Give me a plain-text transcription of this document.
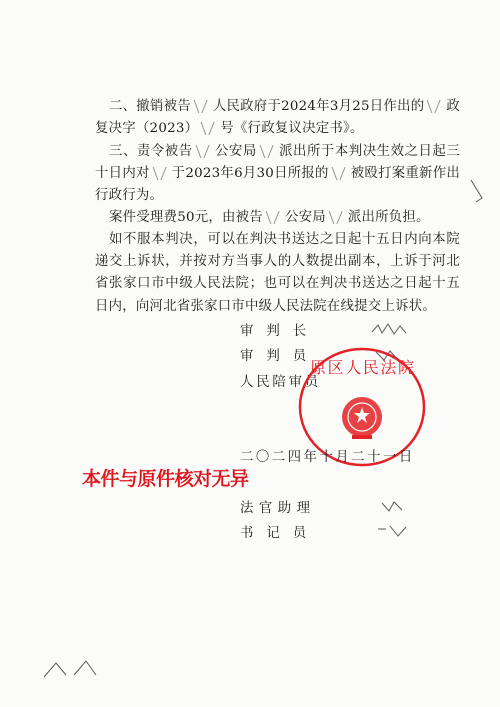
二、撤销被告 人民政府于2024年3月25日作出的 政复决字（2023） 号《行政复议决定书》。

三、责令被告 公安局 派出所于本判决生效之日起三十日内对 于2023年6月30日所报的 被殴打案重新作出行政行为。

案件受理费50元，由被告 公安局 派出所负担。

如不服本判决，可以在判决书送达之日起十五日内向本院递交上诉状，并按对方当事人的人数提出副本，上诉于河北省张家口市中级人民法院；也可以在判决书送达之日起十五日内，向河北省张家口市中级人民法院在线提交上诉状。

审判长
审判员
人民陪审员
原区人民法院
二〇二四年十月二十一日
本件与原件核对无异
法官助理
书记员
